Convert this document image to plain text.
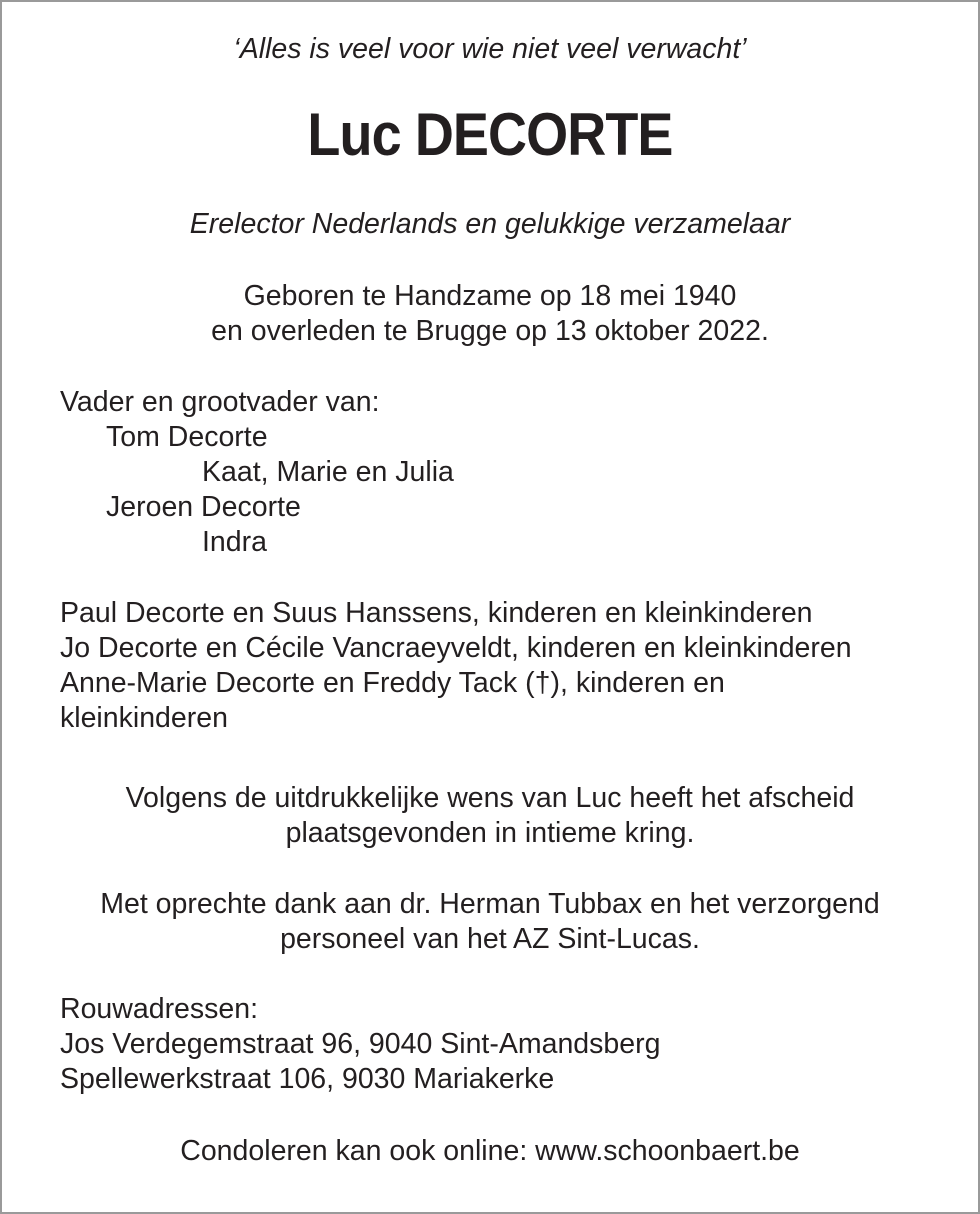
‘Alles is veel voor wie niet veel verwacht’

Luc DECORTE

Erelector Nederlands en gelukkige verzamelaar

Geboren te Handzame op 18 mei 1940

en overleden te Brugge op 13 oktober 2022.

Vader en grootvader van:

Tom Decorte

Kaat, Marie en Julia

Jeroen Decorte

Indra

Paul Decorte en Suus Hanssens, kinderen en kleinkinderen

Jo Decorte en Cécile Vancraeyveldt, kinderen en kleinkinderen

Anne-Marie Decorte en Freddy Tack (†), kinderen en

kleinkinderen

Volgens de uitdrukkelijke wens van Luc heeft het afscheid

plaatsgevonden in intieme kring.

Met oprechte dank aan dr. Herman Tubbax en het verzorgend

personeel van het AZ Sint-Lucas.

Rouwadressen:

Jos Verdegemstraat 96, 9040 Sint-Amandsberg

Spellewerkstraat 106, 9030 Mariakerke

Condoleren kan ook online: www.schoonbaert.be
